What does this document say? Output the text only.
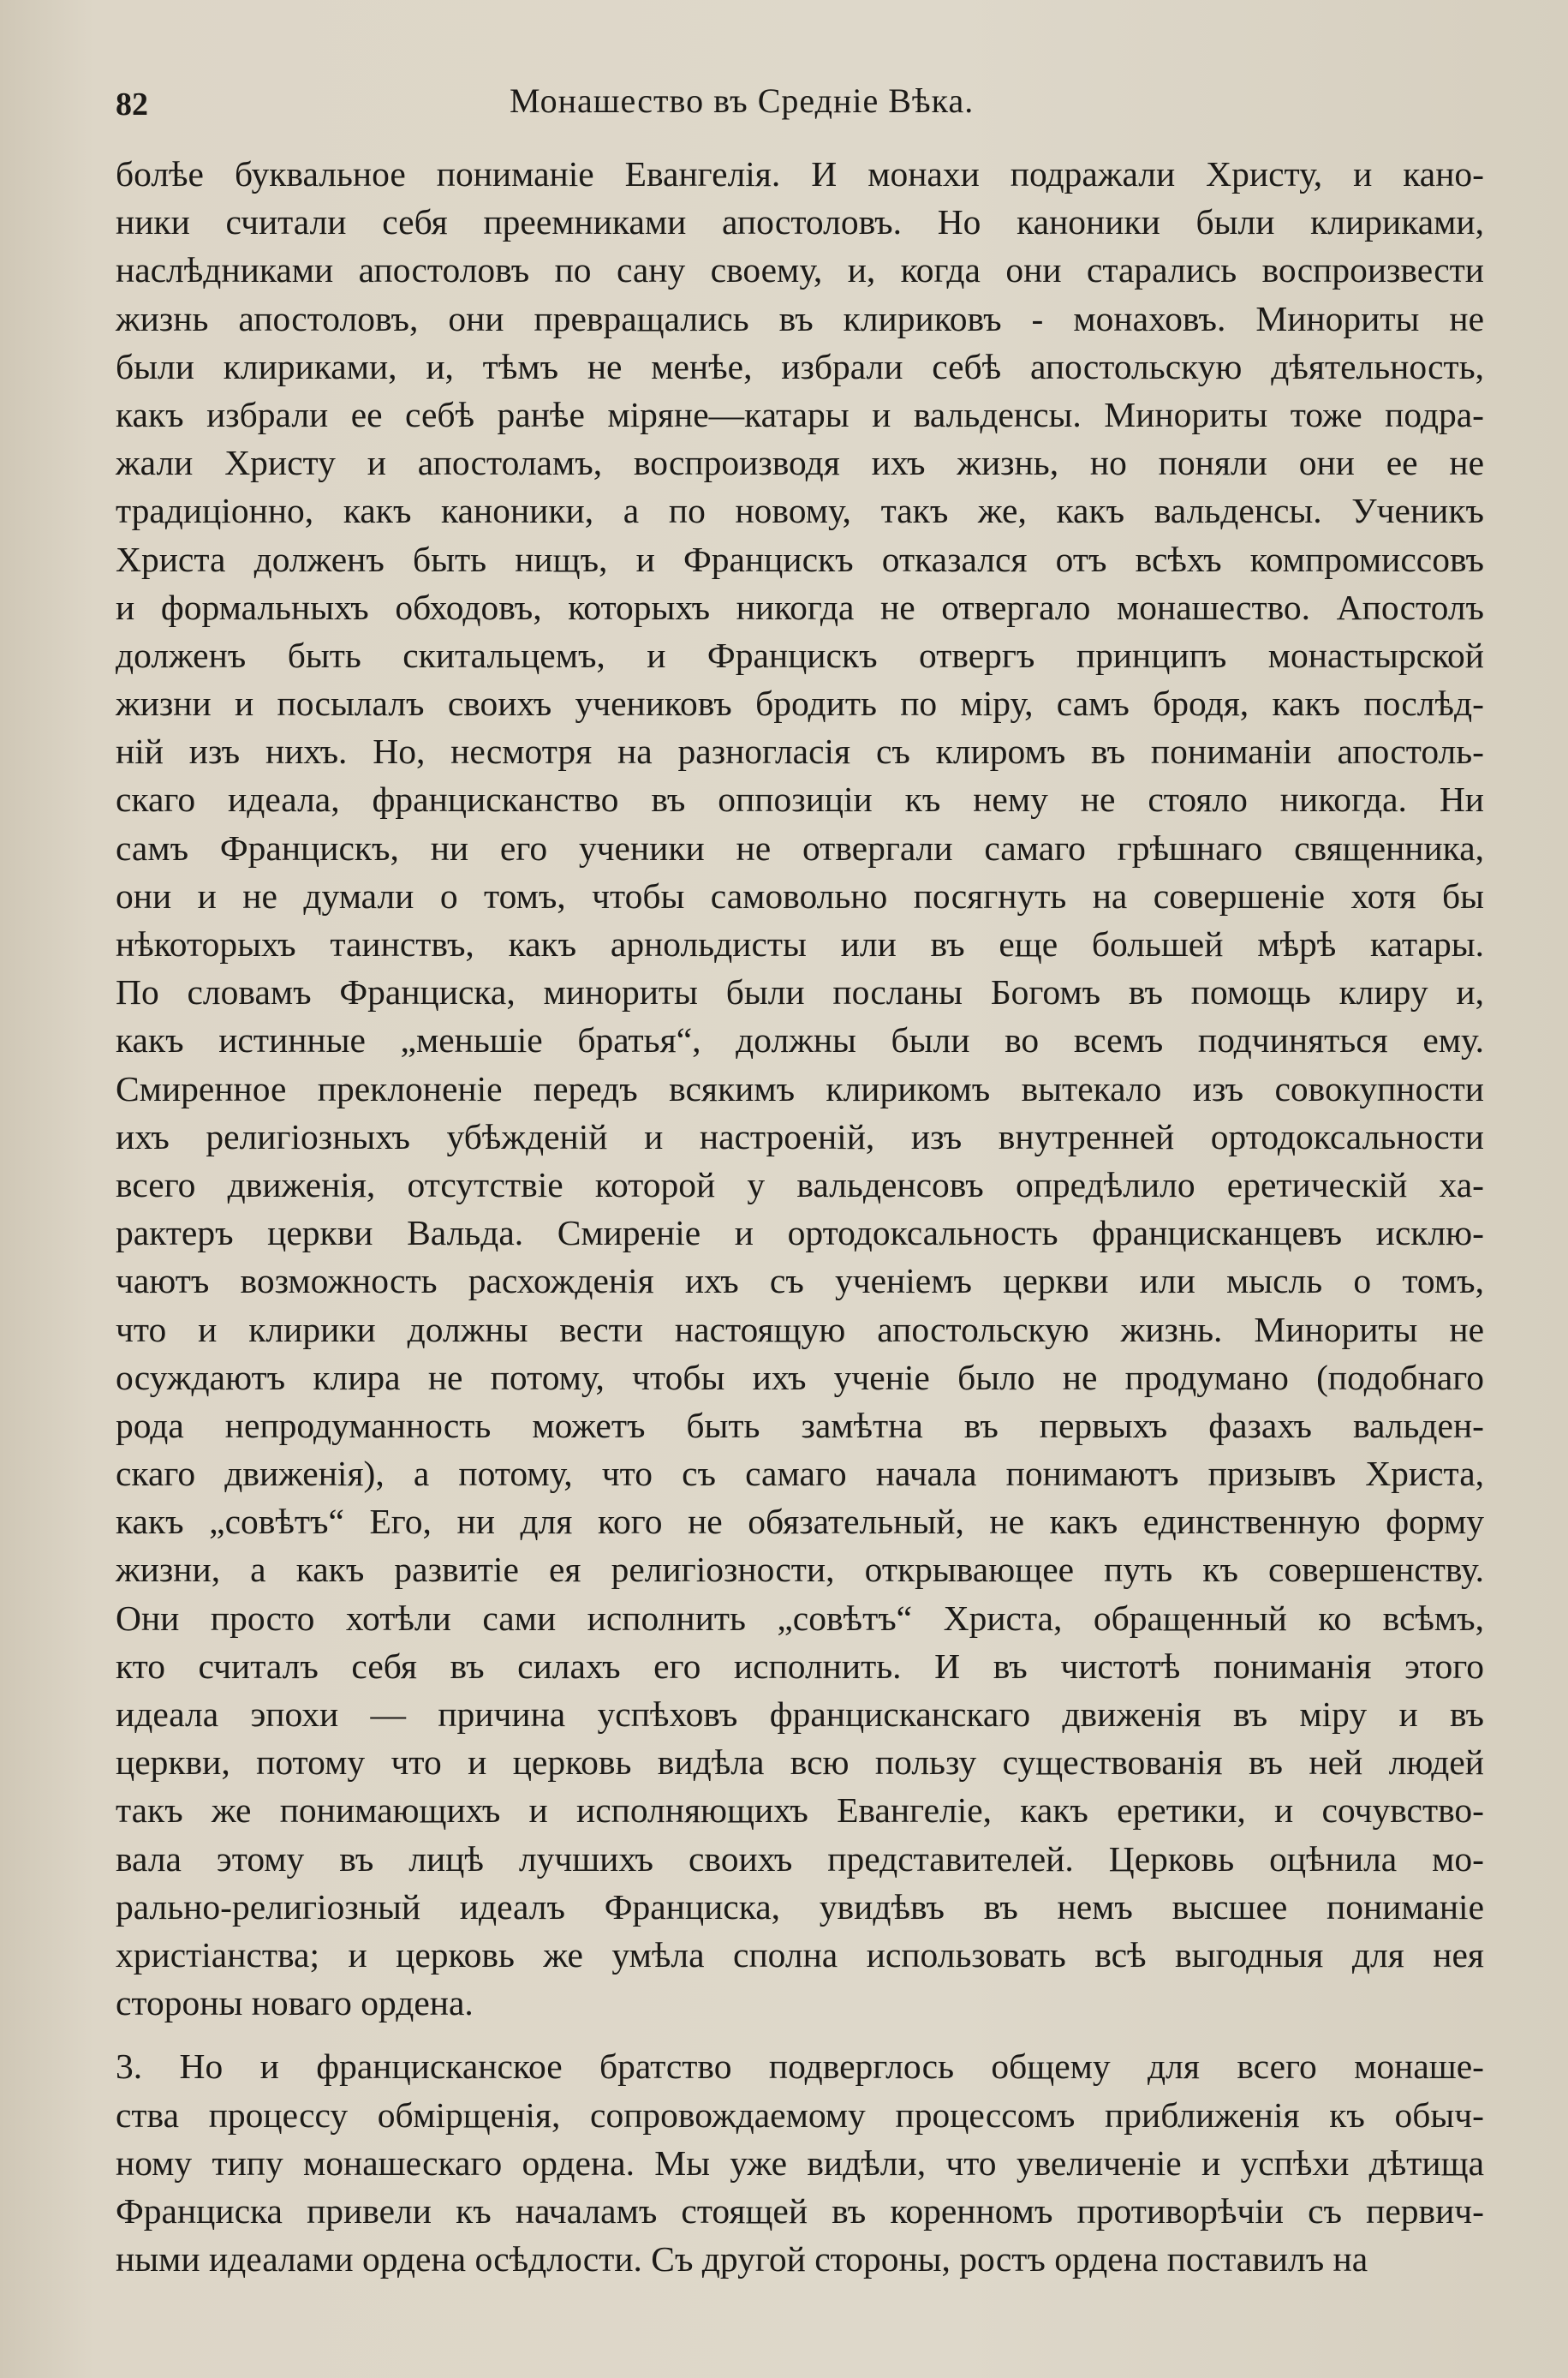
82	Монашество въ Среднiе Вѣка.
болѣе буквальное пониманiе Евангелiя. И монахи подражали Христу, и кано-
ники считали себя преемниками апостоловъ. Но каноники были клириками,
наслѣдниками апостоловъ по сану своему, и, когда они старались воспроизвести
жизнь апостоловъ, они превращались въ клириковъ - монаховъ. Минориты не
были клириками, и, тѣмъ не менѣе, избрали себѣ апостольскую дѣятельность,
какъ избрали ее себѣ ранѣе мiряне—катары и вальденсы. Минориты тоже подра-
жали Христу и апостоламъ, воспроизводя ихъ жизнь, но поняли они ее не
традицiонно, какъ каноники, а по новому, такъ же, какъ вальденсы. Ученикъ
Христа долженъ быть нищъ, и Францискъ отказался отъ всѣхъ компромиссовъ
и формальныхъ обходовъ, которыхъ никогда не отвергало монашество. Апостолъ
долженъ быть скитальцемъ, и Францискъ отвергъ принципъ монастырской
жизни и посылалъ своихъ учениковъ бродить по мiру, самъ бродя, какъ послѣд-
нiй изъ нихъ. Но, несмотря на разногласiя съ клиромъ въ пониманiи апостоль-
скаго идеала, францисканство въ оппозицiи къ нему не стояло никогда. Ни
самъ Францискъ, ни его ученики не отвергали самаго грѣшнаго священника,
они и не думали о томъ, чтобы самовольно посягнуть на совершенiе хотя бы
нѣкоторыхъ таинствъ, какъ арнольдисты или въ еще большей мѣрѣ катары.
По словамъ Франциска, минориты были посланы Богомъ въ помощь клиру и,
какъ истинные „меньшiе братья“, должны были во всемъ подчиняться ему.
Смиренное преклоненiе передъ всякимъ клирикомъ вытекало изъ совокупности
ихъ религiозныхъ убѣжденiй и настроенiй, изъ внутренней ортодоксальности
всего движенiя, отсутствiе которой у вальденсовъ опредѣлило еретическiй ха-
рактеръ церкви Вальда. Смиренiе и ортодоксальность францисканцевъ исклю-
чаютъ возможность расхожденiя ихъ съ ученiемъ церкви или мысль о томъ,
что и клирики должны вести настоящую апостольскую жизнь. Минориты не
осуждаютъ клира не потому, чтобы ихъ ученiе было не продумано (подобнаго
рода непродуманность можетъ быть замѣтна въ первыхъ фазахъ вальден-
скаго движенiя), а потому, что съ самаго начала понимаютъ призывъ Христа,
какъ „совѣтъ“ Его, ни для кого не обязательный, не какъ единственную форму
жизни, а какъ развитiе ея религiозности, открывающее путь къ совершенству.
Они просто хотѣли сами исполнить „совѣтъ“ Христа, обращенный ко всѣмъ,
кто считалъ себя въ силахъ его исполнить. И въ чистотѣ пониманiя этого
идеала эпохи — причина успѣховъ францисканскаго движенiя въ мiру и въ
церкви, потому что и церковь видѣла всю пользу существованiя въ ней людей
такъ же понимающихъ и исполняющихъ Евангелiе, какъ еретики, и сочувство-
вала этому въ лицѣ лучшихъ своихъ представителей. Церковь оцѣнила мо-
рально-религiозный идеалъ Франциска, увидѣвъ въ немъ высшее пониманiе
христiанства; и церковь же умѣла сполна использовать всѣ выгодныя для нея
стороны новаго ордена.
3. Но и францисканское братство подверглось общему для всего монаше-
ства процессу обмiрщенiя, сопровождаемому процессомъ приближенiя къ обыч-
ному типу монашескаго ордена. Мы уже видѣли, что увеличенiе и успѣхи дѣтища
Франциска привели къ началамъ стоящей въ коренномъ противорѣчiи съ первич-
ными идеалами ордена осѣдлости. Съ другой стороны, ростъ ордена поставилъ на
